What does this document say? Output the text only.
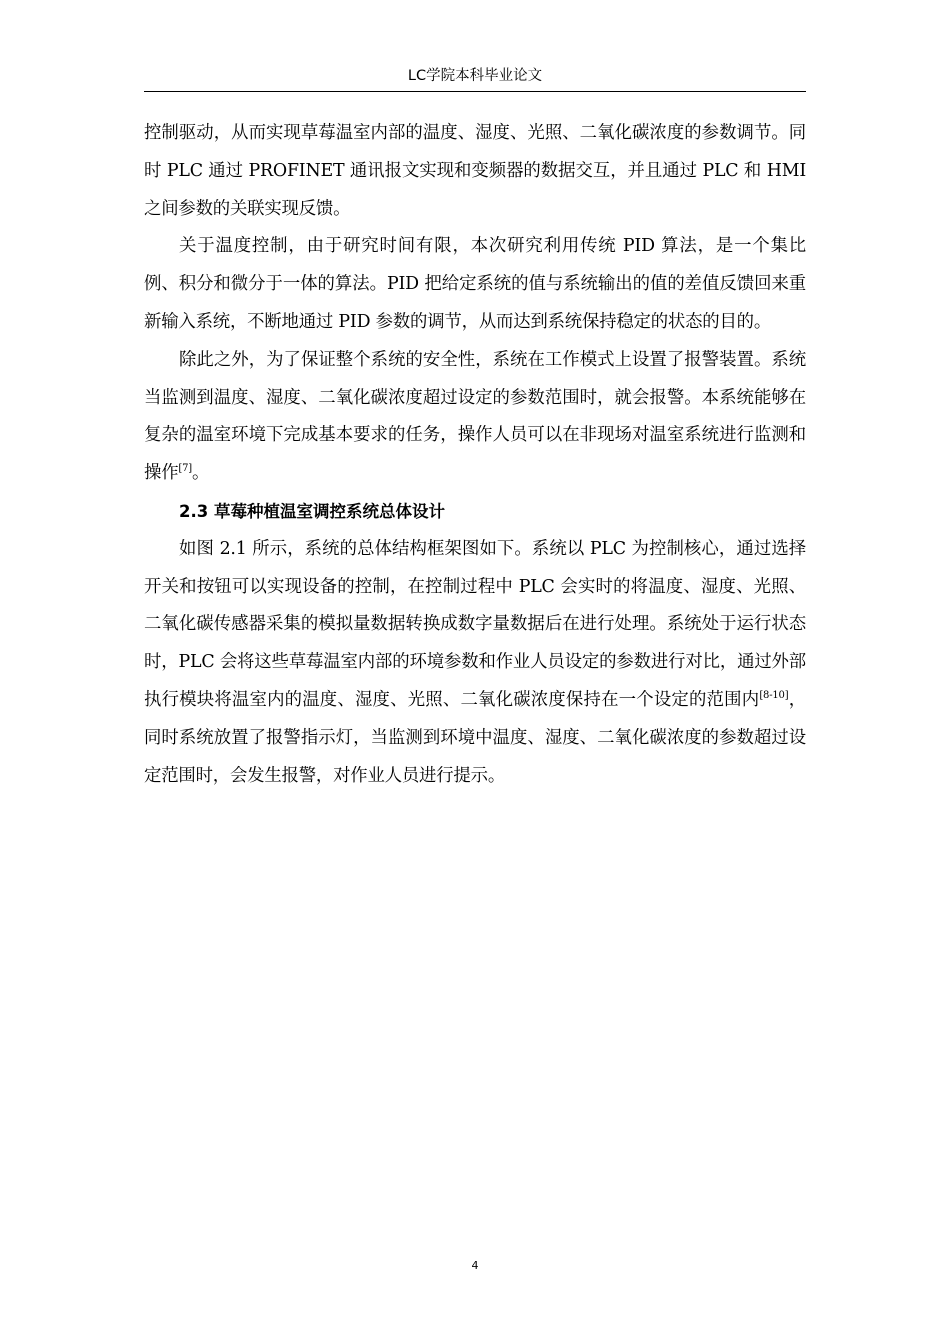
LC学院本科毕业论文

控制驱动，从而实现草莓温室内部的温度、湿度、光照、二氧化碳浓度的参数调节。同时 PLC 通过 PROFINET 通讯报文实现和变频器的数据交互，并且通过 PLC 和 HMI 之间参数的关联实现反馈。

关于温度控制，由于研究时间有限，本次研究利用传统 PID 算法，是一个集比例、积分和微分于一体的算法。PID 把给定系统的值与系统输出的值的差值反馈回来重新输入系统，不断地通过 PID 参数的调节，从而达到系统保持稳定的状态的目的。

除此之外，为了保证整个系统的安全性，系统在工作模式上设置了报警装置。系统当监测到温度、湿度、二氧化碳浓度超过设定的参数范围时，就会报警。本系统能够在复杂的温室环境下完成基本要求的任务，操作人员可以在非现场对温室系统进行监测和操作[7]。

2.3 草莓种植温室调控系统总体设计

如图 2.1 所示，系统的总体结构框架图如下。系统以 PLC 为控制核心，通过选择开关和按钮可以实现设备的控制，在控制过程中 PLC 会实时的将温度、湿度、光照、二氧化碳传感器采集的模拟量数据转换成数字量数据后在进行处理。系统处于运行状态时，PLC 会将这些草莓温室内部的环境参数和作业人员设定的参数进行对比，通过外部执行模块将温室内的温度、湿度、光照、二氧化碳浓度保持在一个设定的范围内[8-10]，同时系统放置了报警指示灯，当监测到环境中温度、湿度、二氧化碳浓度的参数超过设定范围时，会发生报警，对作业人员进行提示。

4
